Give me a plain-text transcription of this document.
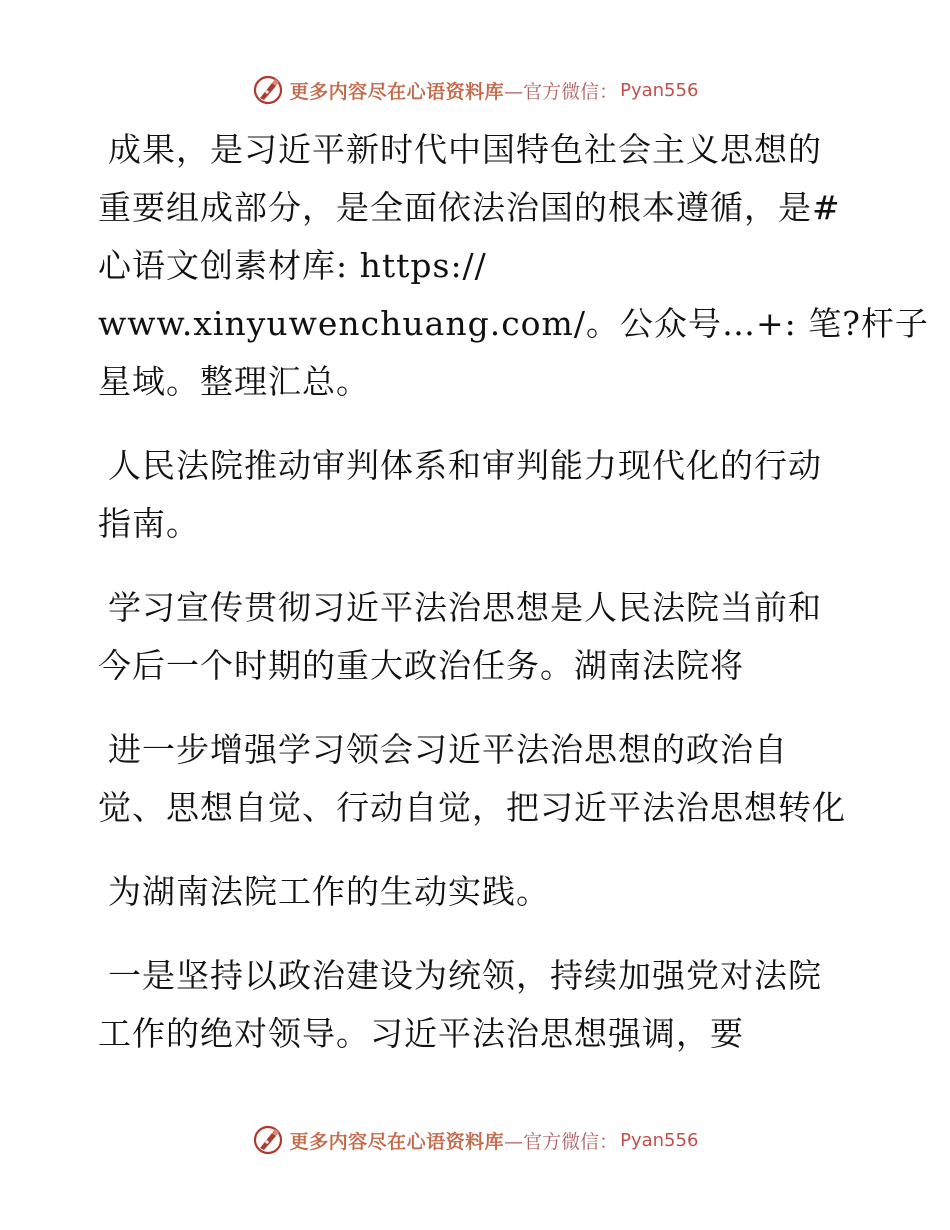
更多内容尽在心语资料库 —官方微信： Pyan556
成果，是习近平新时代中国特色社会主义思想的
重要组成部分，是全面依法治国的根本遵循，是#
心语文创素材库: https://
www.xinyuwenchuang.com/。公众号…+: 笔?杆子
星域。整理汇总。
人民法院推动审判体系和审判能力现代化的行动
指南。
学习宣传贯彻习近平法治思想是人民法院当前和
今后一个时期的重大政治任务。湖南法院将
进一步增强学习领会习近平法治思想的政治自
觉、思想自觉、行动自觉，把习近平法治思想转化
为湖南法院工作的生动实践。
一是坚持以政治建设为统领，持续加强党对法院
工作的绝对领导。习近平法治思想强调，要
更多内容尽在心语资料库 —官方微信： Pyan556
